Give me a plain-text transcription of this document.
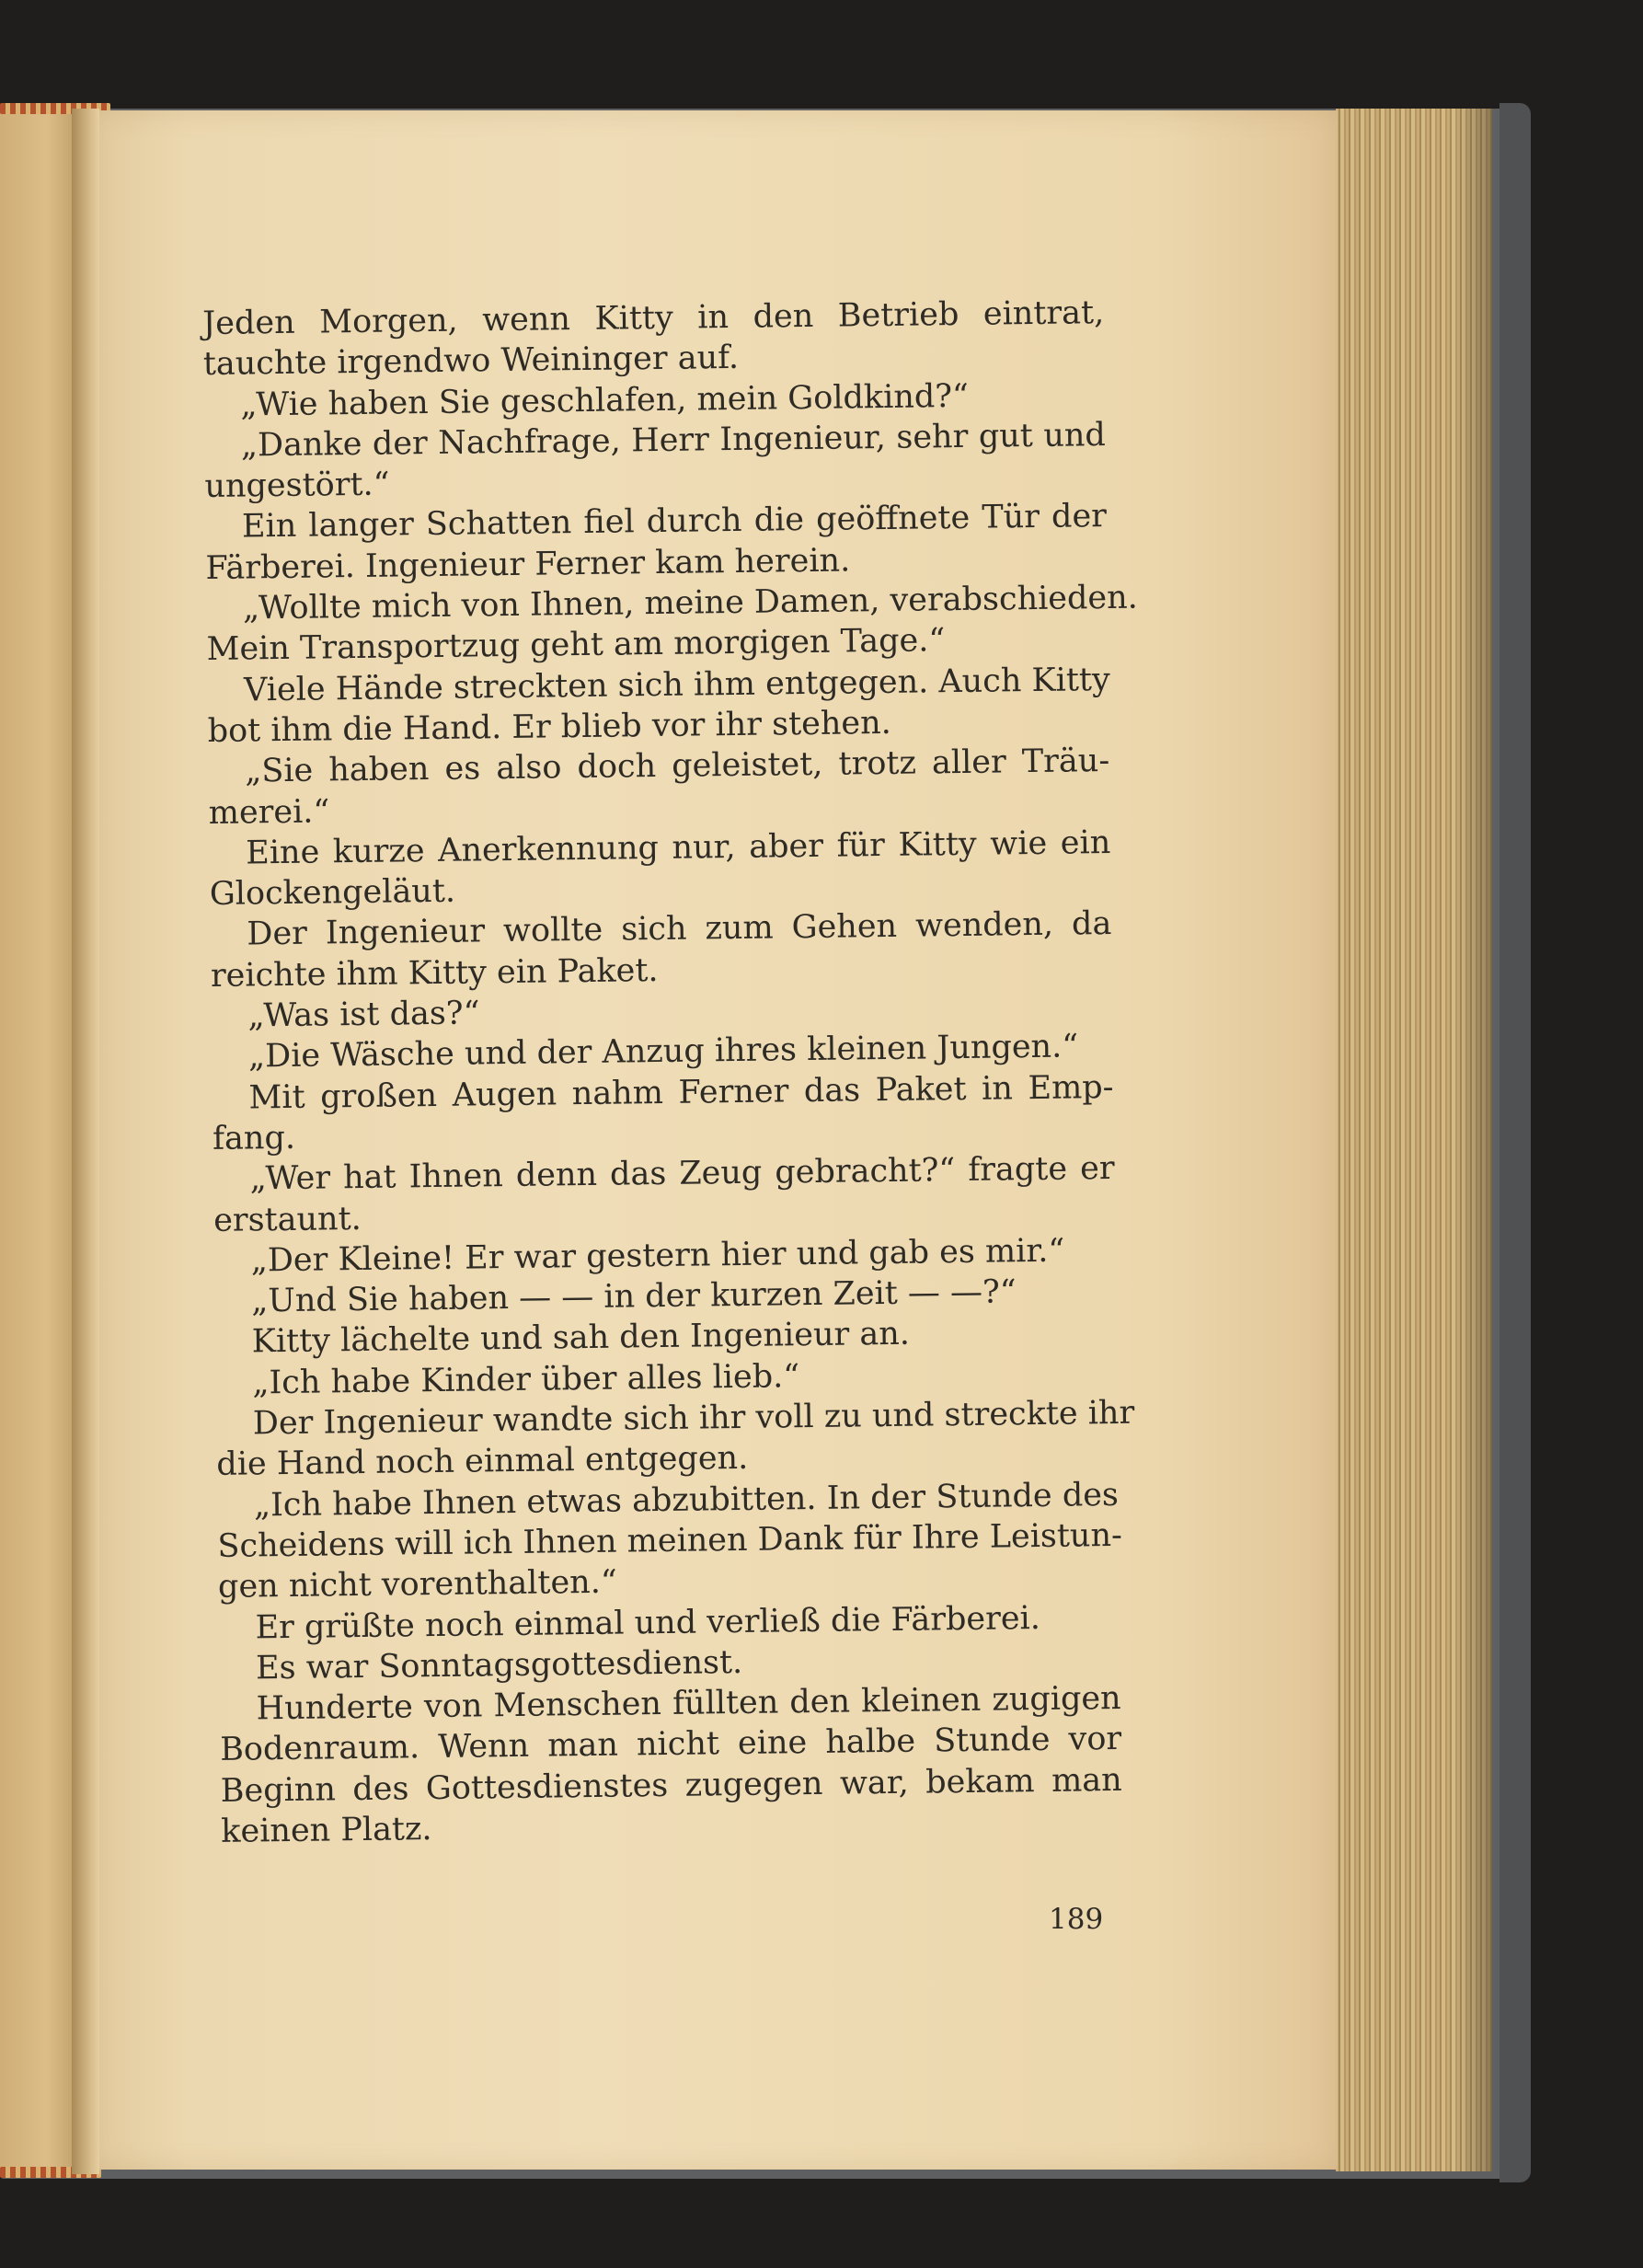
Jeden Morgen, wenn Kitty in den Betrieb eintrat,
tauchte irgendwo Weininger auf.
„Wie haben Sie geschlafen, mein Goldkind?“
„Danke der Nachfrage, Herr Ingenieur, sehr gut und
ungestört.“
Ein langer Schatten fiel durch die geöffnete Tür der
Färberei. Ingenieur Ferner kam herein.
„Wollte mich von Ihnen, meine Damen, verabschieden.
Mein Transportzug geht am morgigen Tage.“
Viele Hände streckten sich ihm entgegen. Auch Kitty
bot ihm die Hand. Er blieb vor ihr stehen.
„Sie haben es also doch geleistet, trotz aller Träu-
merei.“
Eine kurze Anerkennung nur, aber für Kitty wie ein
Glockengeläut.
Der Ingenieur wollte sich zum Gehen wenden, da
reichte ihm Kitty ein Paket.
„Was ist das?“
„Die Wäsche und der Anzug ihres kleinen Jungen.“
Mit großen Augen nahm Ferner das Paket in Emp-
fang.
„Wer hat Ihnen denn das Zeug gebracht?“ fragte er
erstaunt.
„Der Kleine! Er war gestern hier und gab es mir.“
„Und Sie haben — — in der kurzen Zeit — —?“
Kitty lächelte und sah den Ingenieur an.
„Ich habe Kinder über alles lieb.“
Der Ingenieur wandte sich ihr voll zu und streckte ihr
die Hand noch einmal entgegen.
„Ich habe Ihnen etwas abzubitten. In der Stunde des
Scheidens will ich Ihnen meinen Dank für Ihre Leistun-
gen nicht vorenthalten.“
Er grüßte noch einmal und verließ die Färberei.
Es war Sonntagsgottesdienst.
Hunderte von Menschen füllten den kleinen zugigen
Bodenraum. Wenn man nicht eine halbe Stunde vor
Beginn des Gottesdienstes zugegen war, bekam man
keinen Platz.
189
